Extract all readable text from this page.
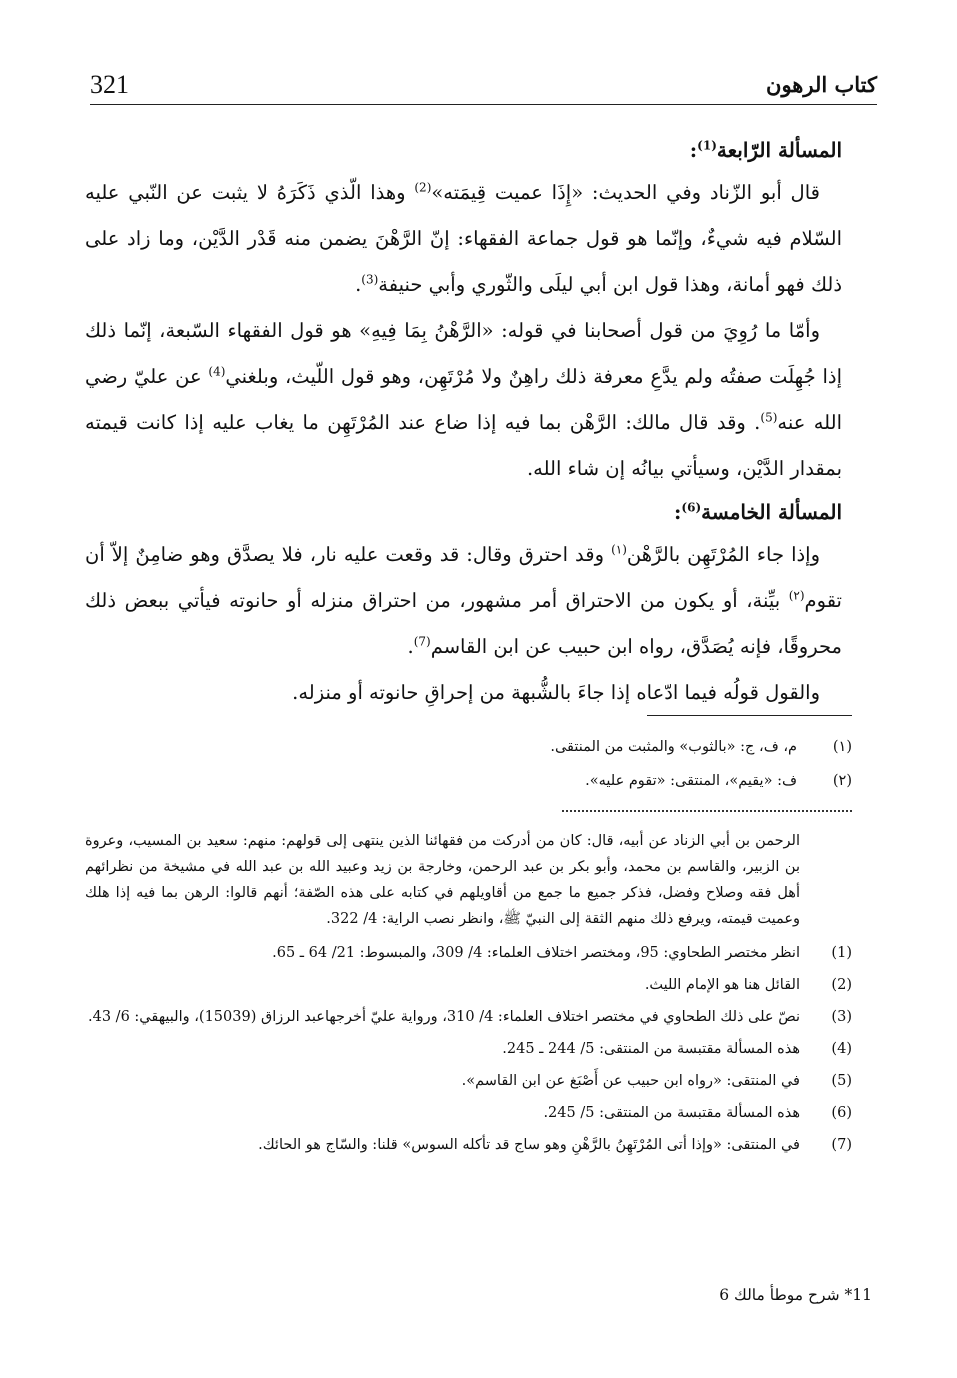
كتاب الرهون
321

المسألة الرّابعة$^{(1)}$:

قال أبو الزّناد وفي الحديث: «إِذَا عميت قِيمَته»$^{(2)}$ وهذا الّذي ذَكَرَهُ لا يثبت عن النّبي عليه السّلام فيه شيءٌ، وإنّما هو قول جماعة الفقهاء: إنّ الرَّهْنَ يضمن منه قَدْر الدَّيْن، وما زاد على ذلك فهو أمانة، وهذا قول ابن أبي ليلَى والثّوري وأبي حنيفة$^{(3)}$.

وأمّا ما رُوِيَ من قول أصحابنا في قوله: «الرَّهْنُ بِمَا فِيهِ» هو قول الفقهاء السّبعة، إنّما ذلك إذا جُهِلَت صفتُه ولم يدَّعِ معرفة ذلك راهِنٌ ولا مُرْتَهِن، وهو قول اللّيث، وبلغني$^{(4)}$ عن عليّ رضي الله عنه$^{(5)}$. وقد قال مالك: الرَّهْن بما فيه إذا ضاع عند المُرْتَهِن ما يغاب عليه إذا كانت قيمته بمقدار الدَّيْن، وسيأتي بيانُه إن شاء الله.

المسألة الخامسة$^{(6)}$:

وإذا جاء المُرْتَهِن بالرَّهْن$^{(١)}$ وقد احترق وقال: قد وقعت عليه نار، فلا يصدَّق وهو ضامِنٌ إلاّ أن تقوم$^{(٢)}$ بيِّنة، أو يكون من الاحتراق أمر مشهور، من احتراق منزله أو حانوته فيأتي ببعض ذلك محروقًا، فإنه يُصَدَّق، رواه ابن حبيب عن ابن القاسم$^{(7)}$.

والقول قولُه فيما ادّعاه إذا جاءَ بالشُّبهة من إحراقِ حانوته أو منزله.

(١)
م، ف، ج: «بالثوب» والمثبت من المنتقى.
(٢)
ف: «يقيم»، المنتقى: «تقوم عليه».

الرحمن بن أبي الزناد عن أبيه، قال: كان من أدركت من فقهائنا الذين ينتهى إلى قولهم: منهم: سعيد بن المسيب، وعروة بن الزبير، والقاسم بن محمد، وأبو بكر بن عبد الرحمن، وخارجة بن زيد وعبيد الله بن عبد الله في مشيخة من نظرائهم أهل فقه وصلاح وفضل، فذكر جميع ما جمع من أقاويلهم في كتابه على هذه الصّفة؛ أنهم قالوا: الرهن بما فيه إذا هلك وعميت قيمته، ويرفع ذلك منهم الثقة إلى النبيّ ﷺ، وانظر نصب الراية: 4/ 322.

(1)
انظر مختصر الطحاوي: 95، ومختصر اختلاف العلماء: 4/ 309، والمبسوط: 21/ 64 ـ 65.
(2)
القائل هنا هو الإمام الليث.
(3)
نصّ على ذلك الطحاوي في مختصر اختلاف العلماء: 4/ 310، ورواية عليّ أخرجهاعبد الرزاق (15039)، والبيهقي: 6/ 43.
(4)
هذه المسألة مقتبسة من المنتقى: 5/ 244 ـ 245.
(5)
في المنتقى: «رواه ابن حبيب عن أَصْبَغ عن ابن القاسم».
(6)
هذه المسألة مقتبسة من المنتقى: 5/ 245.
(7)
في المنتقى: «وإذا أتى المُرْتَهِنُ بالرَّهْنِ وهو ساج قد تأكله السوس» قلنا: والسّاج هو الحائك.
11* شرح موطأ مالك 6
